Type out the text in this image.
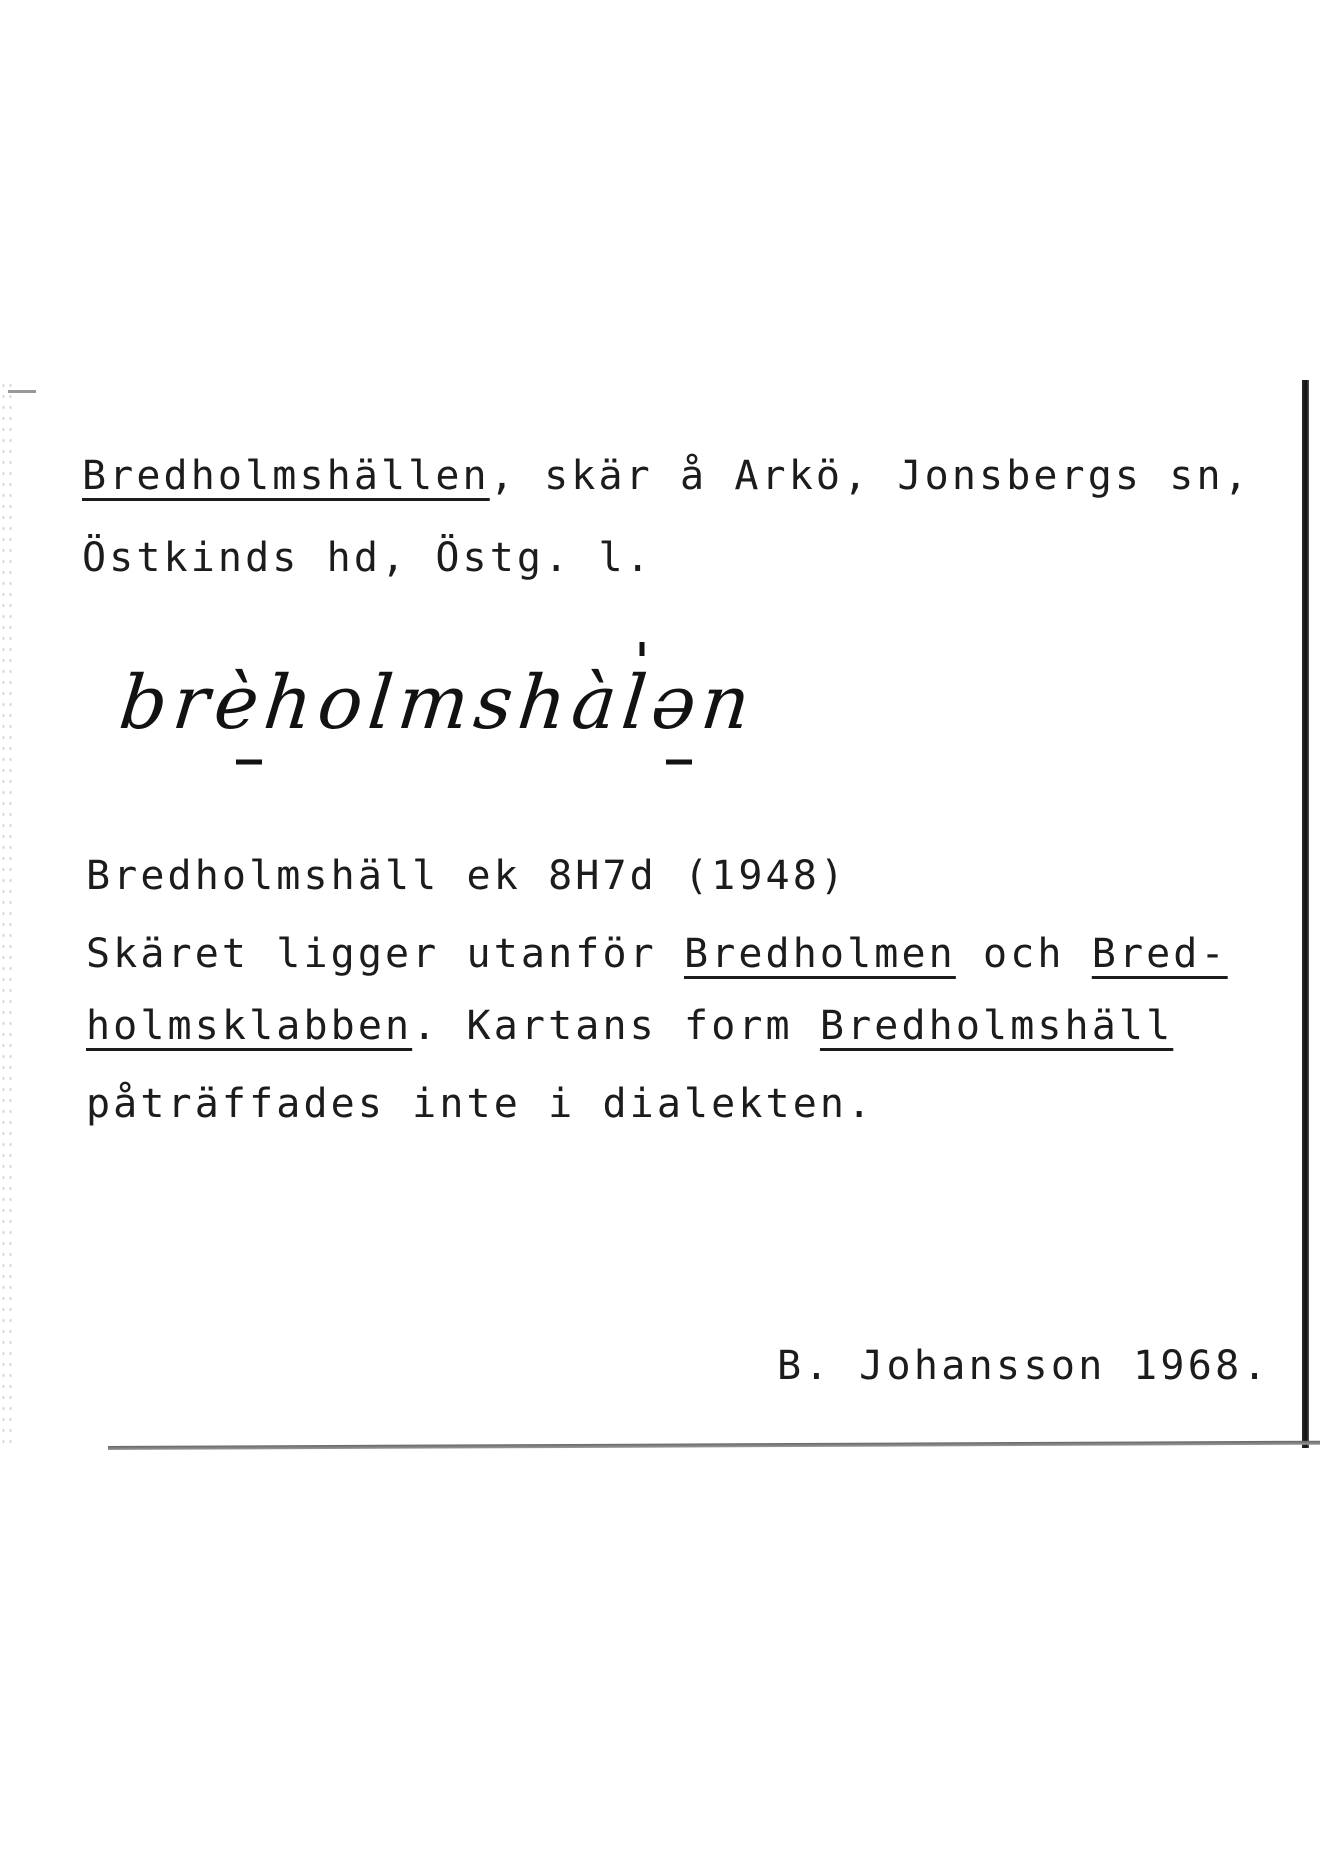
Bredholmshällen, skär å Arkö, Jonsbergs sn,
Östkinds hd, Östg. l.
brèholmshàlən
Bredholmshäll ek 8H7d (1948)
Skäret ligger utanför Bredholmen och Bred-
holmsklabben. Kartans form Bredholmshäll
påträffades inte i dialekten.
B. Johansson 1968.
